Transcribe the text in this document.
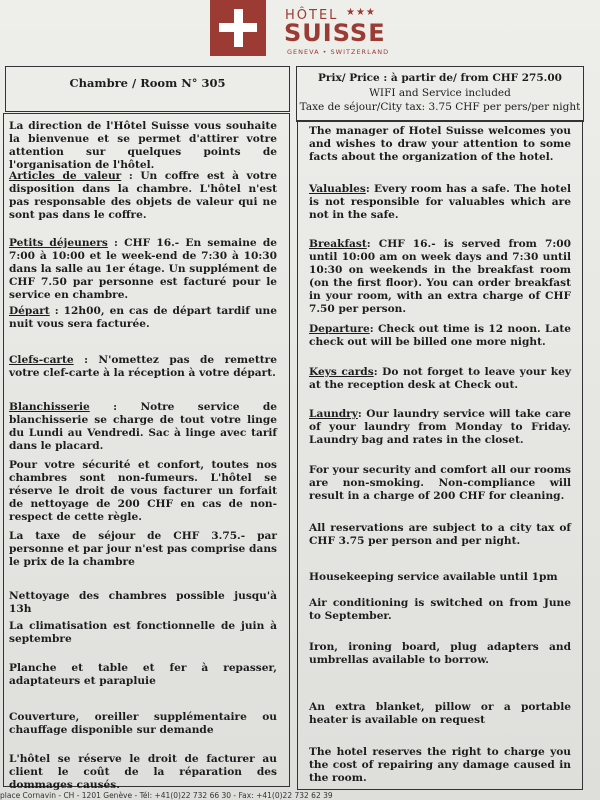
HÔTEL ★★★
SUISSE
GENEVA • SWITZERLAND
Chambre / Room N° 305	Prix/ Price : à partir de/ from CHF 275.00
WIFI and Service included
Taxe de séjour/City tax: 3.75 CHF per pers/per night
La direction de l'Hôtel Suisse vous souhaite la bienvenue et se permet d'attirer votre attention sur quelques points de l'organisation de l'hôtel.
Articles de valeur : Un coffre est à votre disposition dans la chambre. L'hôtel n'est pas responsable des objets de valeur qui ne sont pas dans le coffre.
Petits déjeuners : CHF 16.- En semaine de 7:00 à 10:00 et le week-end de 7:30 à 10:30 dans la salle au 1er étage. Un supplément de CHF 7.50 par personne est facturé pour le service en chambre.
Départ : 12h00, en cas de départ tardif une nuit vous sera facturée.
Clefs-carte : N'omettez pas de remettre votre clef-carte à la réception à votre départ.
Blanchisserie : Notre service de blanchisserie se charge de tout votre linge du Lundi au Vendredi. Sac à linge avec tarif dans le placard.
Pour votre sécurité et confort, toutes nos chambres sont non-fumeurs. L'hôtel se réserve le droit de vous facturer un forfait de nettoyage de 200 CHF en cas de non-respect de cette règle.
La taxe de séjour de CHF 3.75.- par personne et par jour n'est pas comprise dans le prix de la chambre
Nettoyage des chambres possible jusqu'à 13h
La climatisation est fonctionnelle de juin à septembre
Planche et table et fer à repasser, adaptateurs et parapluie
Couverture, oreiller supplémentaire ou chauffage disponible sur demande
L'hôtel se réserve le droit de facturer au client le coût de la réparation des dommages causés.
The manager of Hotel Suisse welcomes you and wishes to draw your attention to some facts about the organization of the hotel.
Valuables: Every room has a safe. The hotel is not responsible for valuables which are not in the safe.
Breakfast: CHF 16.- is served from 7:00 until 10:00 am on week days and 7:30 until 10:30 on weekends in the breakfast room (on the first floor). You can order breakfast in your room, with an extra charge of CHF 7.50 per person.
Departure: Check out time is 12 noon. Late check out will be billed one more night.
Keys cards: Do not forget to leave your key at the reception desk at Check out.
Laundry: Our laundry service will take care of your laundry from Monday to Friday. Laundry bag and rates in the closet.
For your security and comfort all our rooms are non-smoking. Non-compliance will result in a charge of 200 CHF for cleaning.
All reservations are subject to a city tax of CHF 3.75 per person and per night.
Housekeeping service available until 1pm
Air conditioning is switched on from June to September.
Iron, ironing board, plug adapters and umbrellas available to borrow.
An extra blanket, pillow or a portable heater is available on request
The hotel reserves the right to charge you the cost of repairing any damage caused in the room.
place Cornavin - CH - 1201 Genève - Tél: +41(0)22 732 66 30 - Fax: +41(0)22 732 62 39
